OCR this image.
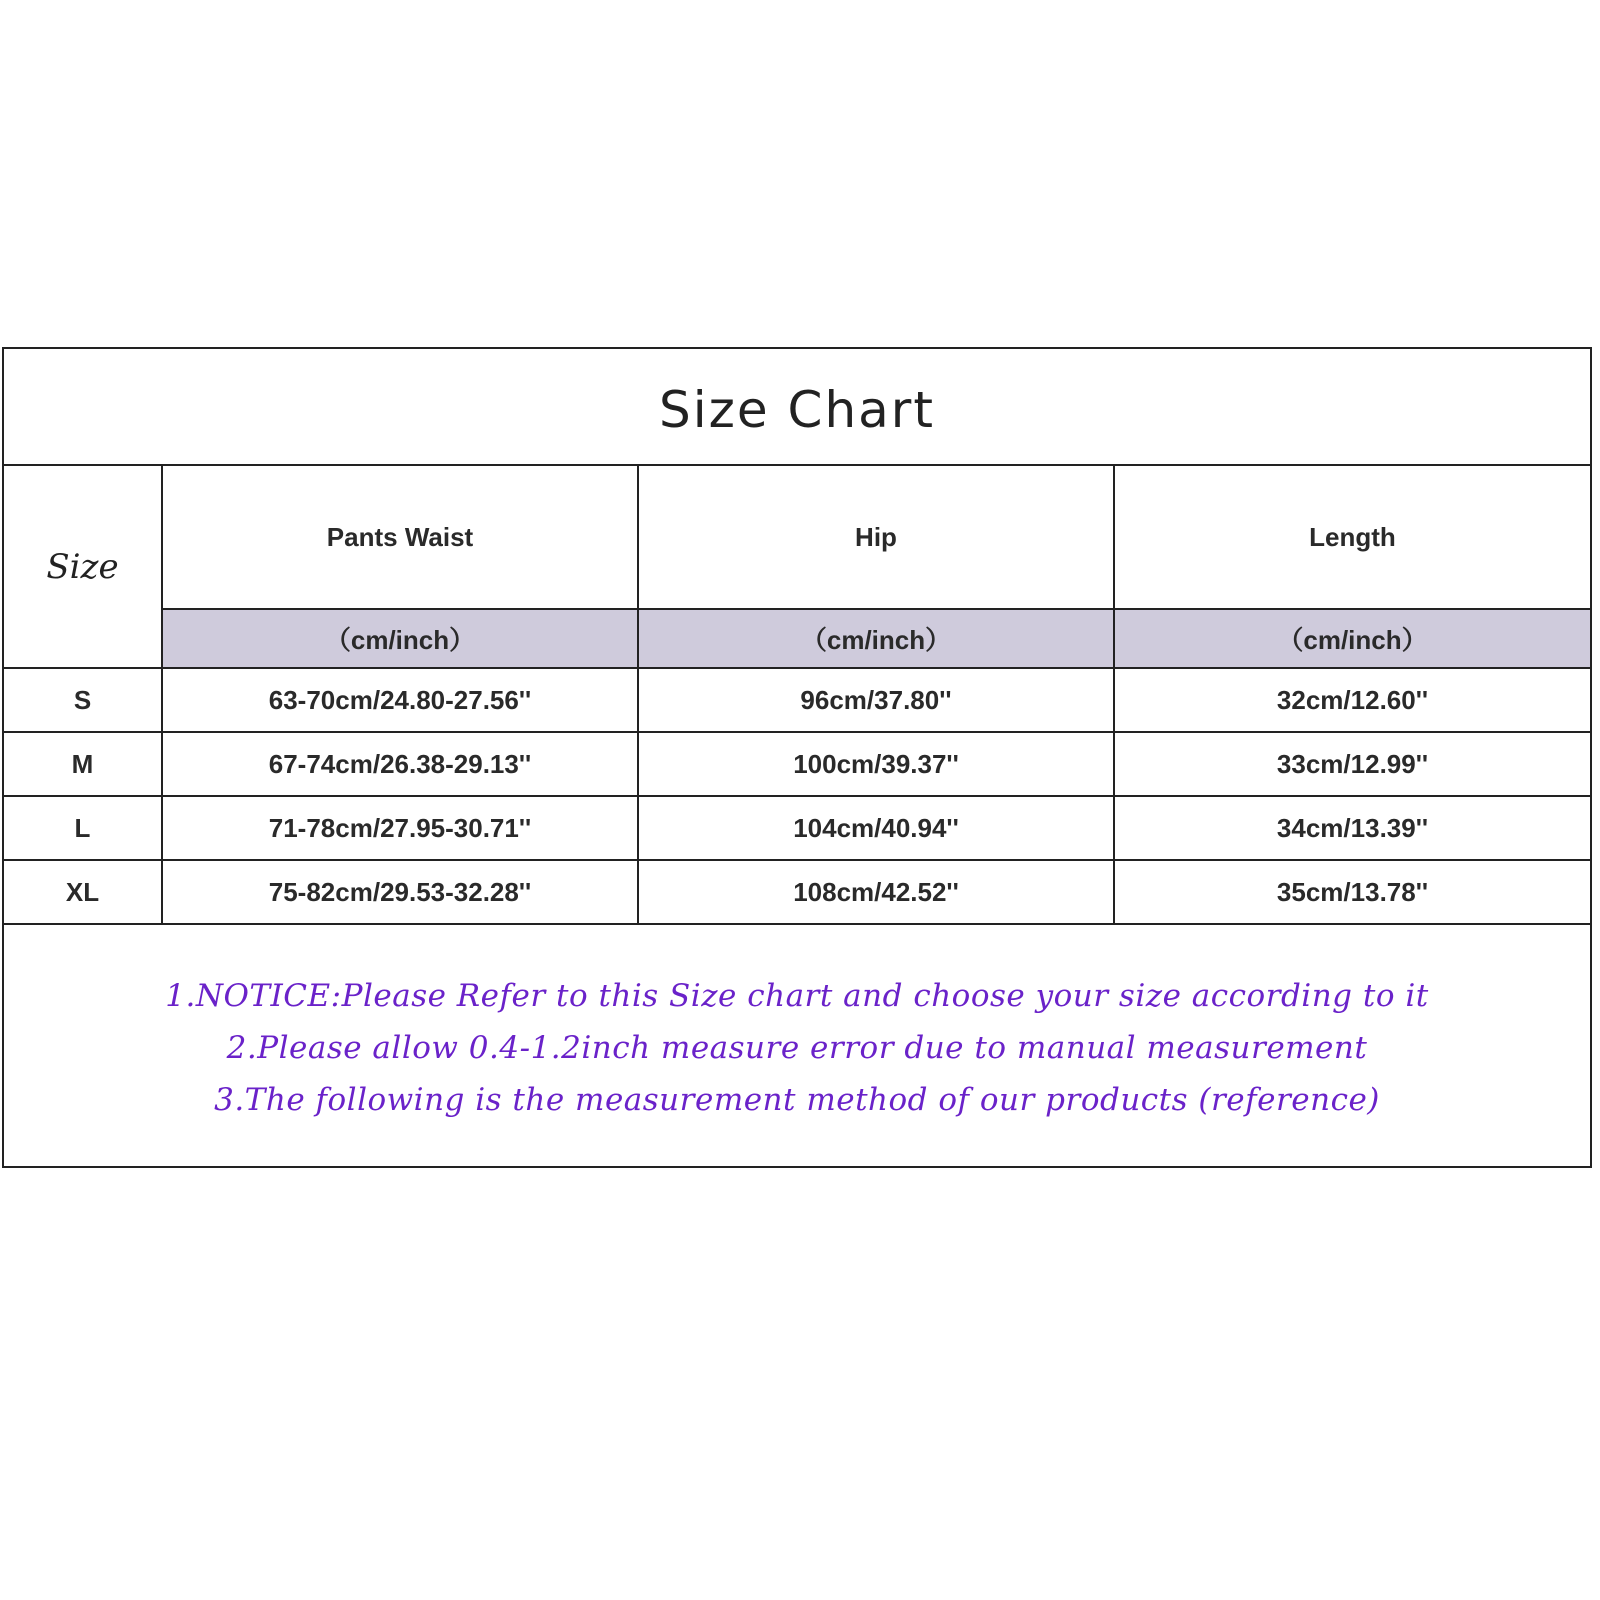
Size Chart
Size	Pants Waist	Hip	Length
	（cm/inch）	（cm/inch）	（cm/inch）
S	63-70cm/24.80-27.56''	96cm/37.80''	32cm/12.60''
M	67-74cm/26.38-29.13''	100cm/39.37''	33cm/12.99''
L	71-78cm/27.95-30.71''	104cm/40.94''	34cm/13.39''
XL	75-82cm/29.53-32.28''	108cm/42.52''	35cm/13.78''
1.NOTICE:Please Refer to this Size chart and choose your size according to it
2.Please allow 0.4-1.2inch measure error due to manual measurement
3.The following is the measurement method of our products (reference)
